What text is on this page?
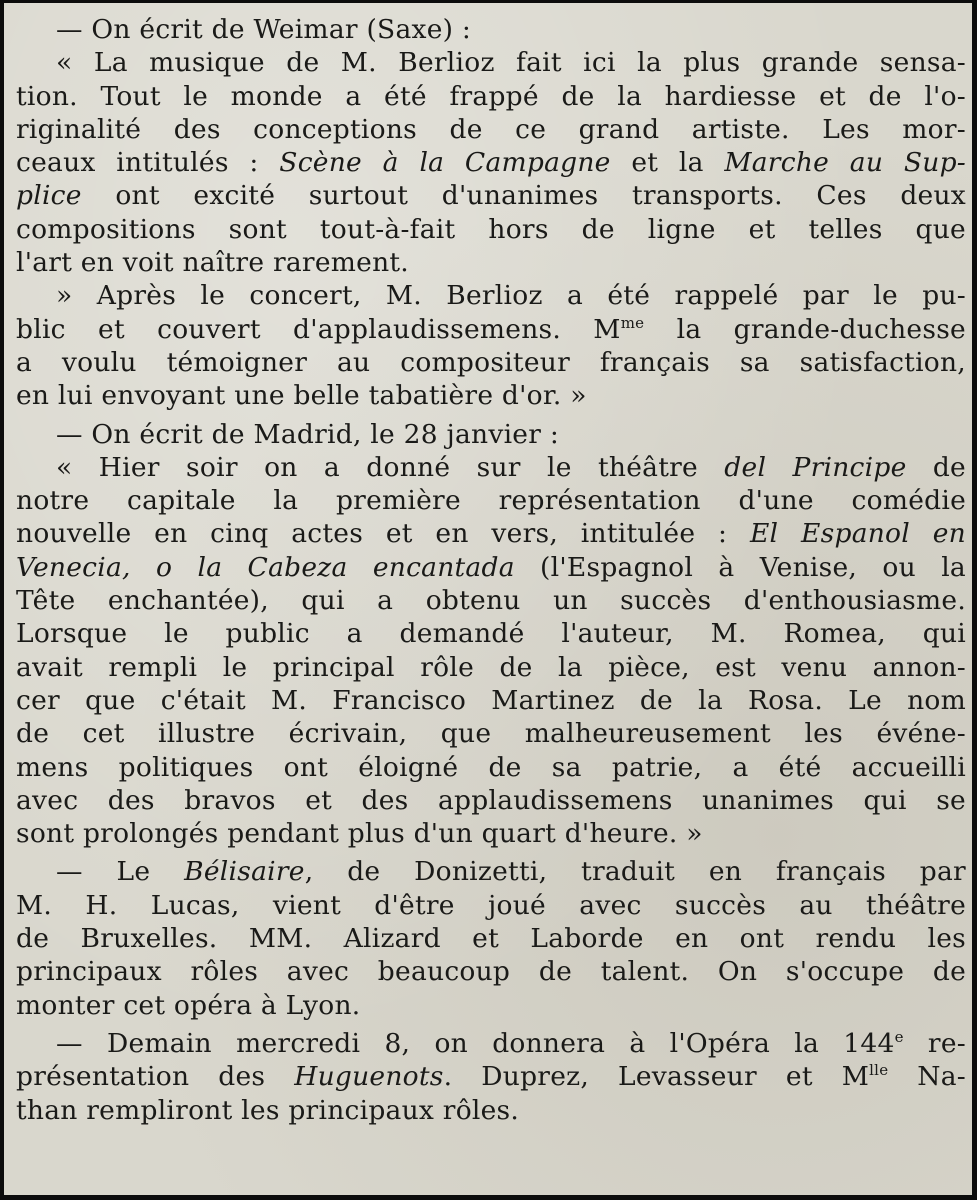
— On écrit de Weimar (Saxe) :
« La musique de M. Berlioz fait ici la plus grande sensa-
tion. Tout le monde a été frappé de la hardiesse et de l'o-
riginalité des conceptions de ce grand artiste. Les mor-
ceaux intitulés : Scène à la Campagne et la Marche au Sup-
plice ont excité surtout d'unanimes transports. Ces deux
compositions sont tout-à-fait hors de ligne et telles que
l'art en voit naître rarement.
» Après le concert, M. Berlioz a été rappelé par le pu-
blic et couvert d'applaudissemens. $M^{me}$ la grande-duchesse
a voulu témoigner au compositeur français sa satisfaction,
en lui envoyant une belle tabatière d'or. »
— On écrit de Madrid, le 28 janvier :
« Hier soir on a donné sur le théâtre del Principe de
notre capitale la première représentation d'une comédie
nouvelle en cinq actes et en vers, intitulée : El Espanol en
Venecia, o la Cabeza encantada (l'Espagnol à Venise, ou la
Tête enchantée), qui a obtenu un succès d'enthousiasme.
Lorsque le public a demandé l'auteur, M. Romea, qui
avait rempli le principal rôle de la pièce, est venu annon-
cer que c'était M. Francisco Martinez de la Rosa. Le nom
de cet illustre écrivain, que malheureusement les événe-
mens politiques ont éloigné de sa patrie, a été accueilli
avec des bravos et des applaudissemens unanimes qui se
sont prolongés pendant plus d'un quart d'heure. »
— Le Bélisaire, de Donizetti, traduit en français par
M. H. Lucas, vient d'être joué avec succès au théâtre
de Bruxelles. MM. Alizard et Laborde en ont rendu les
principaux rôles avec beaucoup de talent. On s'occupe de
monter cet opéra à Lyon.
— Demain mercredi 8, on donnera à l'Opéra la 144e re-
présentation des Huguenots. Duprez, Levasseur et $M^{lle}$ Na-
than rempliront les principaux rôles.
